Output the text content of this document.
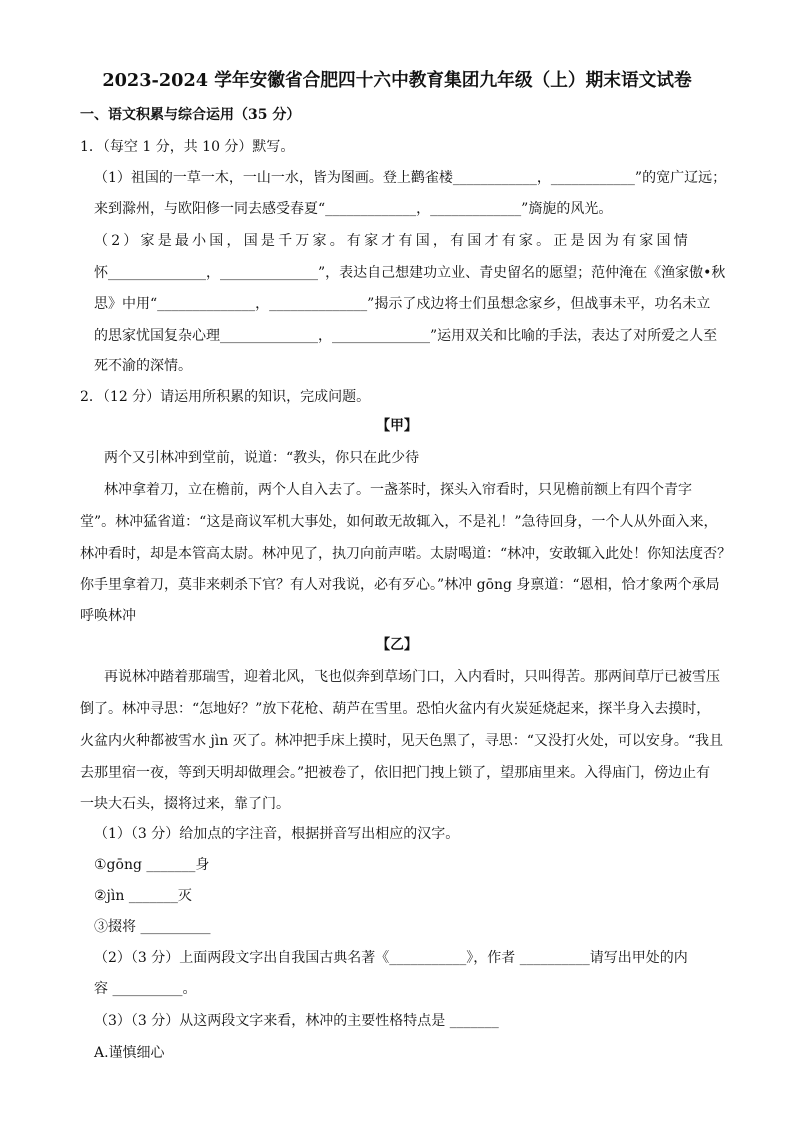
2023-2024 学年安徽省合肥四十六中教育集团九年级（上）期末语文试卷
一、语文积累与综合运用（35 分）
1．（每空 1 分，共 10 分）默写。
（1）祖国的一草一木，一山一水，皆为图画。登上鹳雀楼____________，____________”的宽广辽远；
来到滁州，与欧阳修一同去感受春夏“_____________，_____________”旖旎的风光。
（2）家是最小国，国是千万家。有家才有国，有国才有家。正是因为有家国情
怀______________，______________”，表达自己想建功立业、青史留名的愿望；范仲淹在《渔家傲•秋
思》中用“______________，______________”揭示了戍边将士们虽想念家乡，但战事未平，功名未立
的思家忧国复杂心理______________，______________”运用双关和比喻的手法，表达了对所爱之人至
死不渝的深情。
2．（12 分）请运用所积累的知识，完成问题。
【甲】
两个又引林冲到堂前，说道：“教头，你只在此少待
林冲拿着刀，立在檐前，两个人自入去了。一盏茶时，探头入帘看时，只见檐前额上有四个青字
堂”。林冲猛省道：“这是商议军机大事处，如何敢无故辄入，不是礼！”急待回身，一个人从外面入来，
林冲看时，却是本管高太尉。林冲见了，执刀向前声喏。太尉喝道：“林冲，安敢辄入此处！你知法度否？
你手里拿着刀，莫非来刺杀下官？有人对我说，必有歹心。”林冲 gōng 身禀道：“恩相，恰才象两个承局
呼唤林冲
【乙】
再说林冲踏着那瑞雪，迎着北风，飞也似奔到草场门口，入内看时，只叫得苦。那两间草厅已被雪压
倒了。林冲寻思：“怎地好？”放下花枪、葫芦在雪里。恐怕火盆内有火炭延烧起来，探半身入去摸时，
火盆内火种都被雪水 jìn 灭了。林冲把手床上摸时，见天色黑了，寻思：“又没打火处，可以安身。“我且
去那里宿一夜，等到天明却做理会。”把被卷了，依旧把门拽上锁了，望那庙里来。入得庙门，傍边止有
一块大石头，掇将过来，靠了门。
（1）（3 分）给加点的字注音，根据拼音写出相应的汉字。
①gōng _______身
②jìn _______灭
③掇将 __________
（2）（3 分）上面两段文字出自我国古典名著《___________》，作者 __________请写出甲处的内
容 __________。
（3）（3 分）从这两段文字来看，林冲的主要性格特点是 _______
A.谨慎细心
